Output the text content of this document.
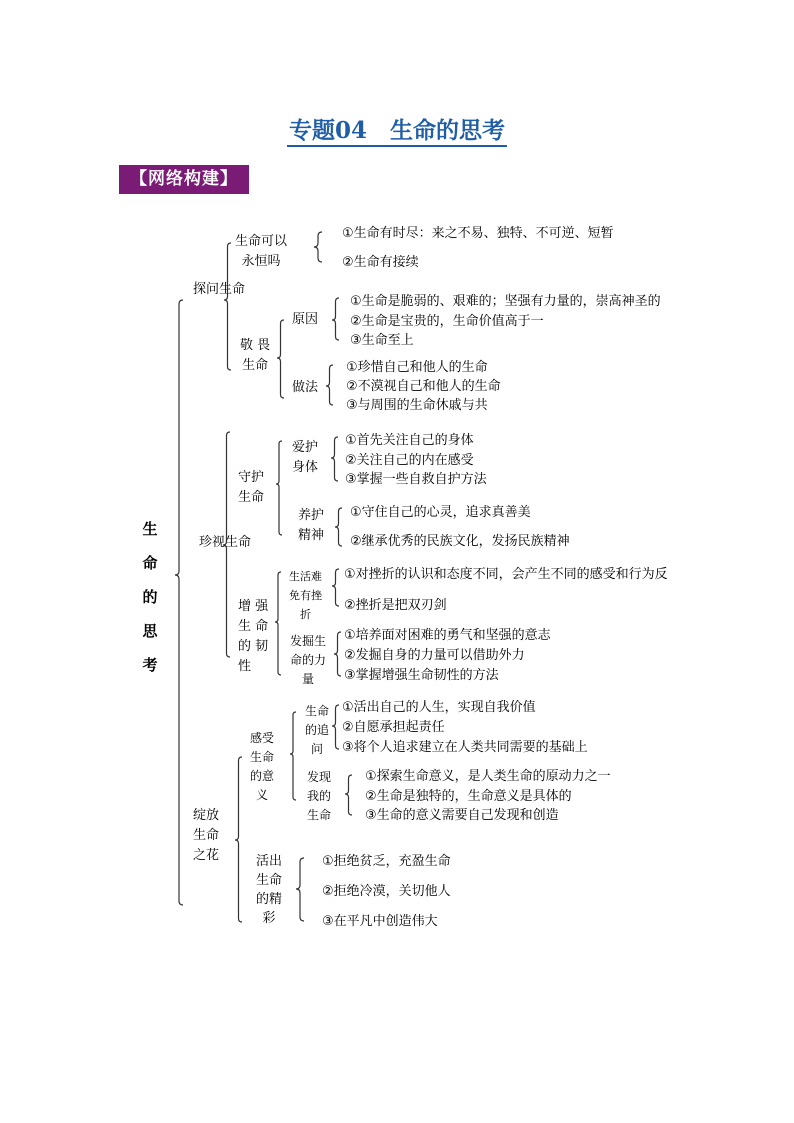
专题04　生命的思考
【网络构建】
生
命
的
思
考
探问生命
生命可以
永恒吗
①生命有时尽：来之不易、独特、不可逆、短暂
②生命有接续
敬 畏
生命
原因
①生命是脆弱的、艰难的；坚强有力量的，崇高神圣的
②生命是宝贵的，生命价值高于一
③生命至上
做法
①珍惜自己和他人的生命
②不漠视自己和他人的生命
③与周围的生命休戚与共
珍视生命
守护
生命
爱护
身体
①首先关注自己的身体
②关注自己的内在感受
③掌握一些自救自护方法
养护
精神
①守住自己的心灵，追求真善美
②继承优秀的民族文化，发扬民族精神
增 强
生 命
的 韧
性
生活难
免有挫
折
①对挫折的认识和态度不同，会产生不同的感受和行为反
②挫折是把双刃剑
发掘生
命的力
量
①培养面对困难的勇气和坚强的意志
②发掘自身的力量可以借助外力
③掌握增强生命韧性的方法
绽放
生命
之花
感受
生命
的意
义
生命
的追
问
①活出自己的人生，实现自我价值
②自愿承担起责任
③将个人追求建立在人类共同需要的基础上
发现
我的
生命
①探索生命意义，是人类生命的原动力之一
②生命是独特的，生命意义是具体的
③生命的意义需要自己发现和创造
活出
生命
的精
彩
①拒绝贫乏，充盈生命
②拒绝冷漠，关切他人
③在平凡中创造伟大
